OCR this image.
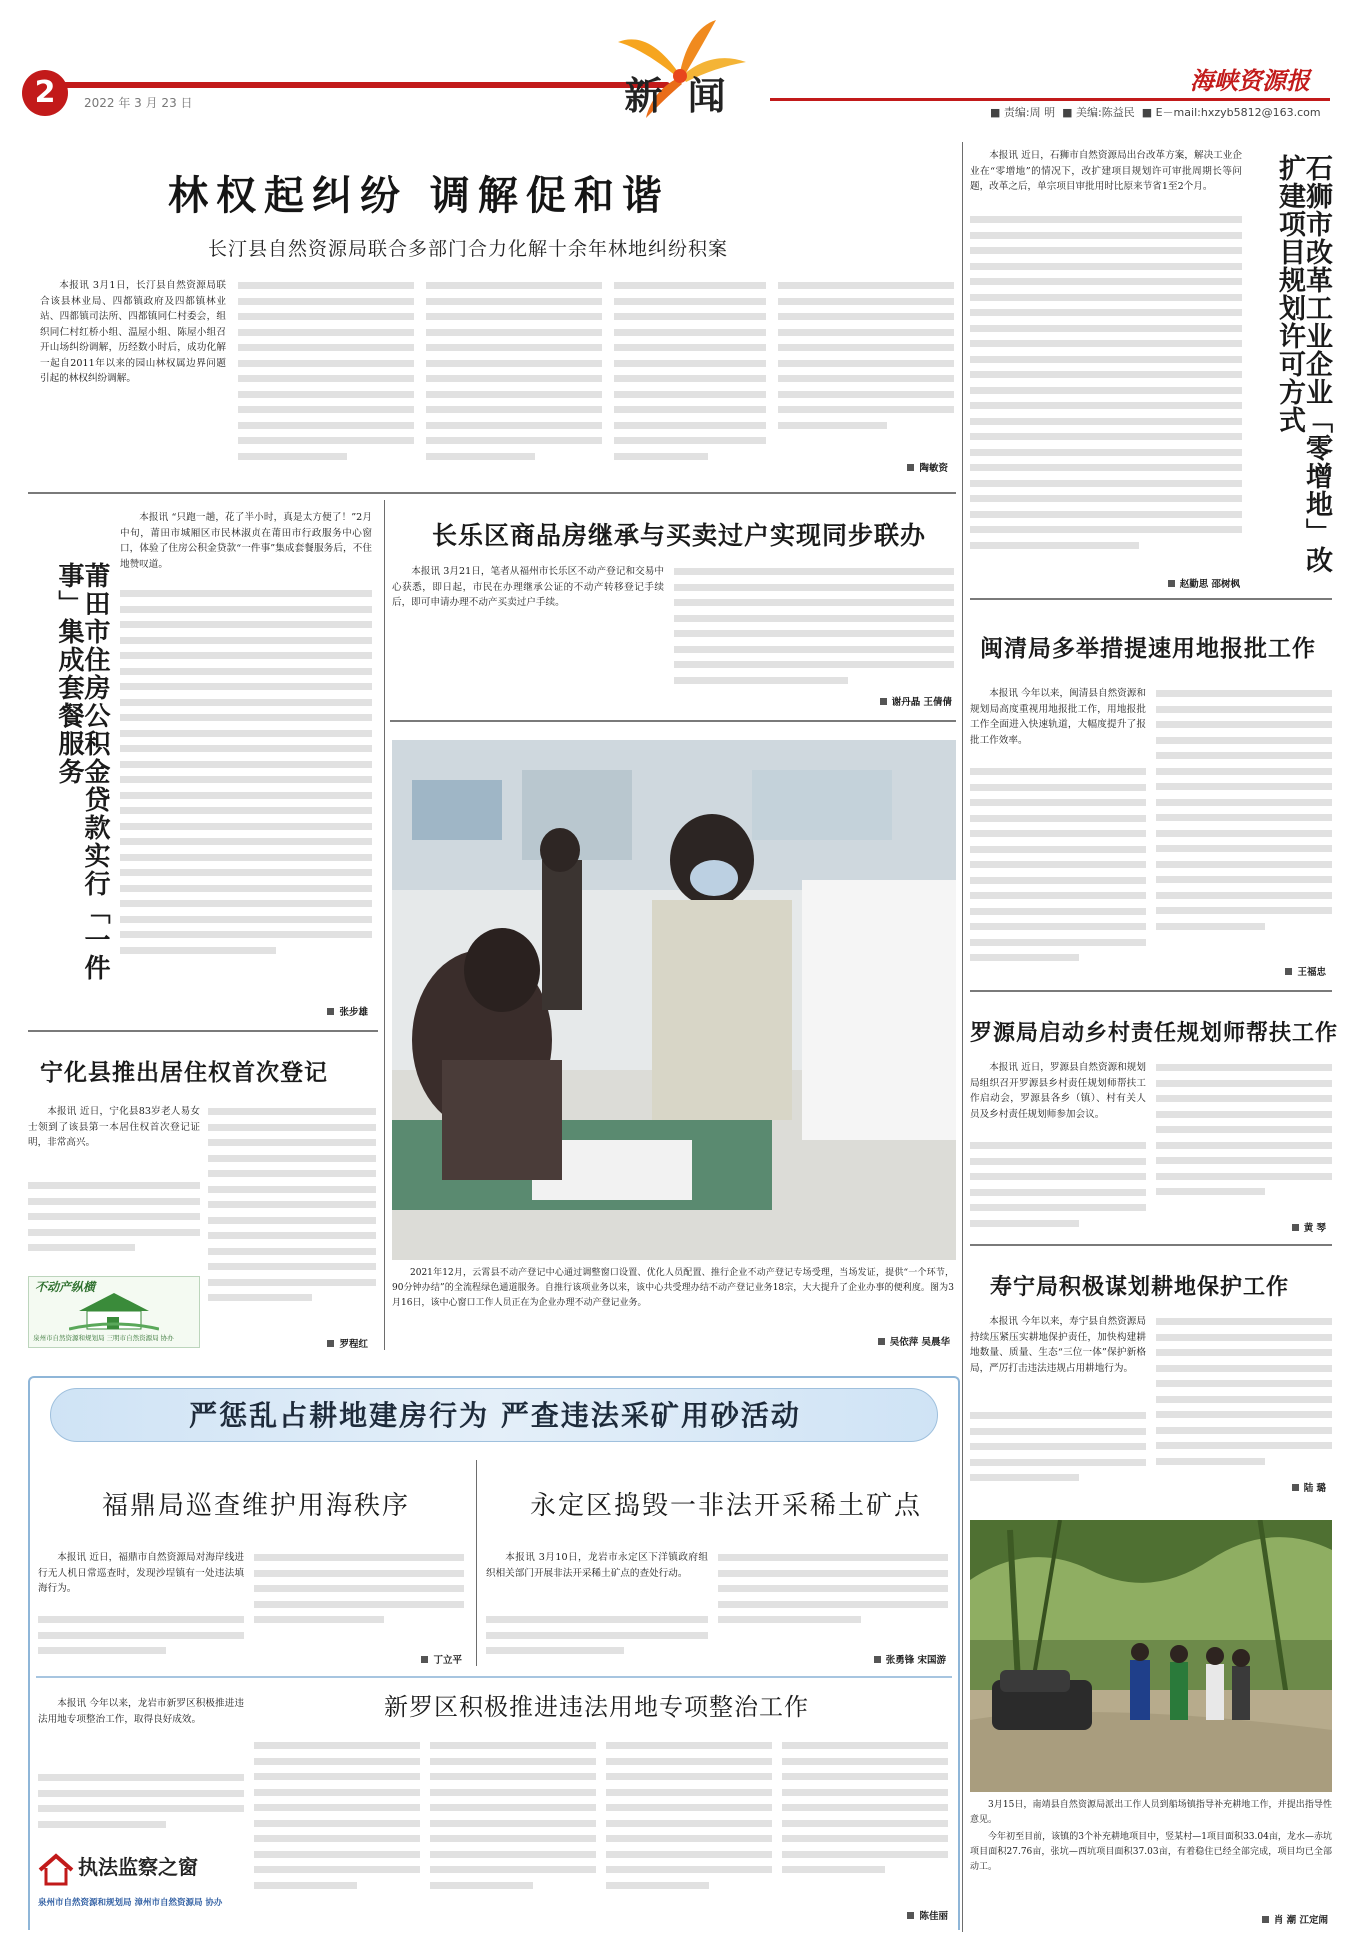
2	2022 年 3 月 23 日	新 闻	海峡资源报
■ 责编:周 明  ■ 美编:陈益民  ■ E－mail:hxzyb5812@163.com
林权起纠纷 调解促和谐
长汀县自然资源局联合多部门合力化解十余年林地纠纷积案
本报讯 3月1日，长汀县自然资源局联合该县林业局、四都镇政府及四都镇林业站、四都镇司法所、四都镇同仁村委会，组织同仁村红桥小组、温屋小组、陈屋小组召开山场纠纷调解，历经数小时后，成功化解一起自2011年以来的园山林权属边界问题引起的林权纠纷调解。
陶敏资
莆田市住房公积金贷款实行「一件事」集成套餐服务
本报讯 “只跑一趟，花了半小时，真是太方便了！”2月中旬，莆田市城厢区市民林淑贞在莆田市行政服务中心窗口，体验了住房公积金贷款“一件事”集成套餐服务后，不住地赞叹道。
张步雄
长乐区商品房继承与买卖过户实现同步联办
本报讯 3月21日，笔者从福州市长乐区不动产登记和交易中心获悉，即日起，市民在办理继承公证的不动产转移登记手续后，即可申请办理不动产买卖过户手续。
谢丹晶 王倩倩
2021年12月，云霄县不动产登记中心通过调整窗口设置、优化人员配置、推行企业不动产登记专场受理，当场发证，提供“一个环节，90分钟办结”的全流程绿色通道服务。自推行该项业务以来，该中心共受理办结不动产登记业务18宗，大大提升了企业办事的便利度。图为3月16日，该中心窗口工作人员正在为企业办理不动产登记业务。
吴依萍 吴晨华
宁化县推出居住权首次登记
本报讯 近日，宁化县83岁老人易女士领到了该县第一本居住权首次登记证明，非常高兴。
不动产纵横
泉州市自然资源和规划局 三明市自然资源局 协办
罗程红
本报讯 近日，石狮市自然资源局出台改革方案，解决工业企业在“零增地”的情况下，改扩建项目规划许可审批周期长等问题，改革之后，单宗项目审批用时比原来节省1至2个月。	石狮市改革工业企业「零增地」改扩建项目规划许可方式
赵勤思 邵树枫
闽清局多举措提速用地报批工作
本报讯 今年以来，闽清县自然资源和规划局高度重视用地报批工作，用地报批工作全面进入快速轨道，大幅度提升了报批工作效率。
王福忠
罗源局启动乡村责任规划师帮扶工作
本报讯 近日，罗源县自然资源和规划局组织召开罗源县乡村责任规划师帮扶工作启动会，罗源县各乡（镇）、村有关人员及乡村责任规划师参加会议。
黄 琴
寿宁局积极谋划耕地保护工作
本报讯 今年以来，寿宁县自然资源局持续压紧压实耕地保护责任，加快构建耕地数量、质量、生态“三位一体”保护新格局，严厉打击违法违规占用耕地行为。
陆 璐
严惩乱占耕地建房行为 严查违法采矿用砂活动
福鼎局巡查维护用海秩序
本报讯 近日，福鼎市自然资源局对海岸线进行无人机日常巡查时，发现沙埕镇有一处违法填海行为。
丁立平
永定区捣毁一非法开采稀土矿点
本报讯 3月10日，龙岩市永定区下洋镇政府组织相关部门开展非法开采稀土矿点的查处行动。
张勇锋 宋国游
本报讯 今年以来，龙岩市新罗区积极推进违法用地专项整治工作，取得良好成效。
执法监察之窗
泉州市自然资源和规划局 漳州市自然资源局 协办
新罗区积极推进违法用地专项整治工作
陈佳丽
3月15日，南靖县自然资源局派出工作人员到船场镇指导补充耕地工作，并提出指导性意见。
今年初至目前，该镇的3个补充耕地项目中，竖某村—1项目面积33.04亩，龙水—赤坑项目面积27.76亩，张坑—西坑项目面积37.03亩，有着稳住已经全部完成，项目均已全部动工。
肖 潮 江定闹
